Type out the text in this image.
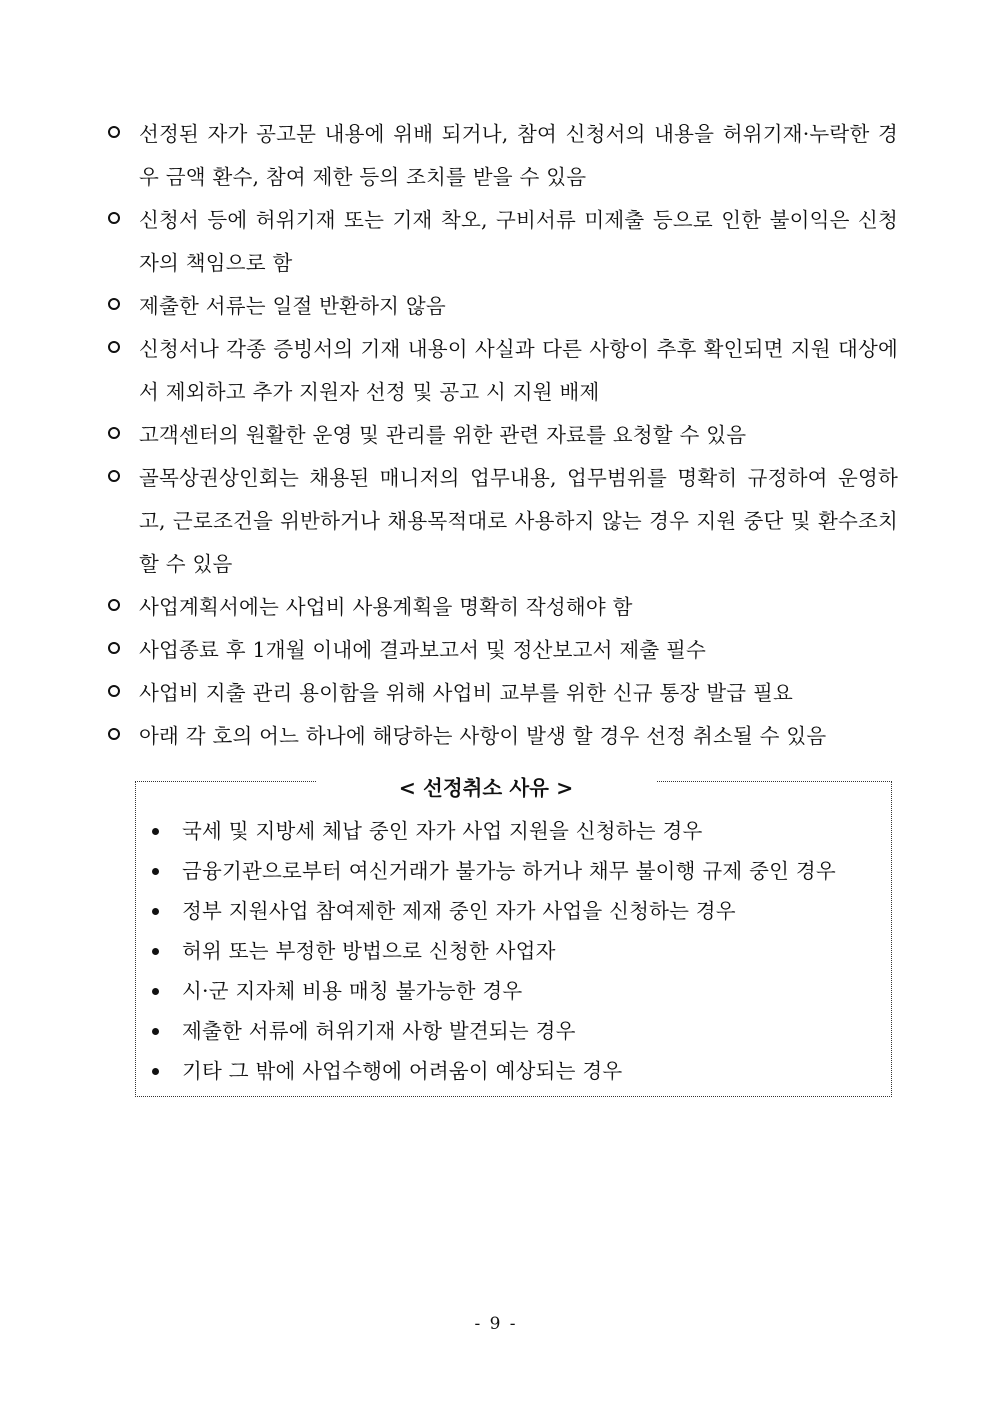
선정된 자가 공고문 내용에 위배 되거나, 참여 신청서의 내용을 허위기재·누락한 경우 금액 환수, 참여 제한 등의 조치를 받을 수 있음
신청서 등에 허위기재 또는 기재 착오, 구비서류 미제출 등으로 인한 불이익은 신청자의 책임으로 함
제출한 서류는 일절 반환하지 않음
신청서나 각종 증빙서의 기재 내용이 사실과 다른 사항이 추후 확인되면 지원 대상에서 제외하고 추가 지원자 선정 및 공고 시 지원 배제
고객센터의 원활한 운영 및 관리를 위한 관련 자료를 요청할 수 있음
골목상권상인회는 채용된 매니저의 업무내용, 업무범위를 명확히 규정하여 운영하고, 근로조건을 위반하거나 채용목적대로 사용하지 않는 경우 지원 중단 및 환수조치 할 수 있음
사업계획서에는 사업비 사용계획을 명확히 작성해야 함
사업종료 후 1개월 이내에 결과보고서 및 정산보고서 제출 필수
사업비 지출 관리 용이함을 위해 사업비 교부를 위한 신규 통장 발급 필요
아래 각 호의 어느 하나에 해당하는 사항이 발생 할 경우 선정 취소될 수 있음
< 선정취소 사유 >
국세 및 지방세 체납 중인 자가 사업 지원을 신청하는 경우
금융기관으로부터 여신거래가 불가능 하거나 채무 불이행 규제 중인 경우
정부 지원사업 참여제한 제재 중인 자가 사업을 신청하는 경우
허위 또는 부정한 방법으로 신청한 사업자
시·군 지자체 비용 매칭 불가능한 경우
제출한 서류에 허위기재 사항 발견되는 경우
기타 그 밖에 사업수행에 어려움이 예상되는 경우
- 9 -
